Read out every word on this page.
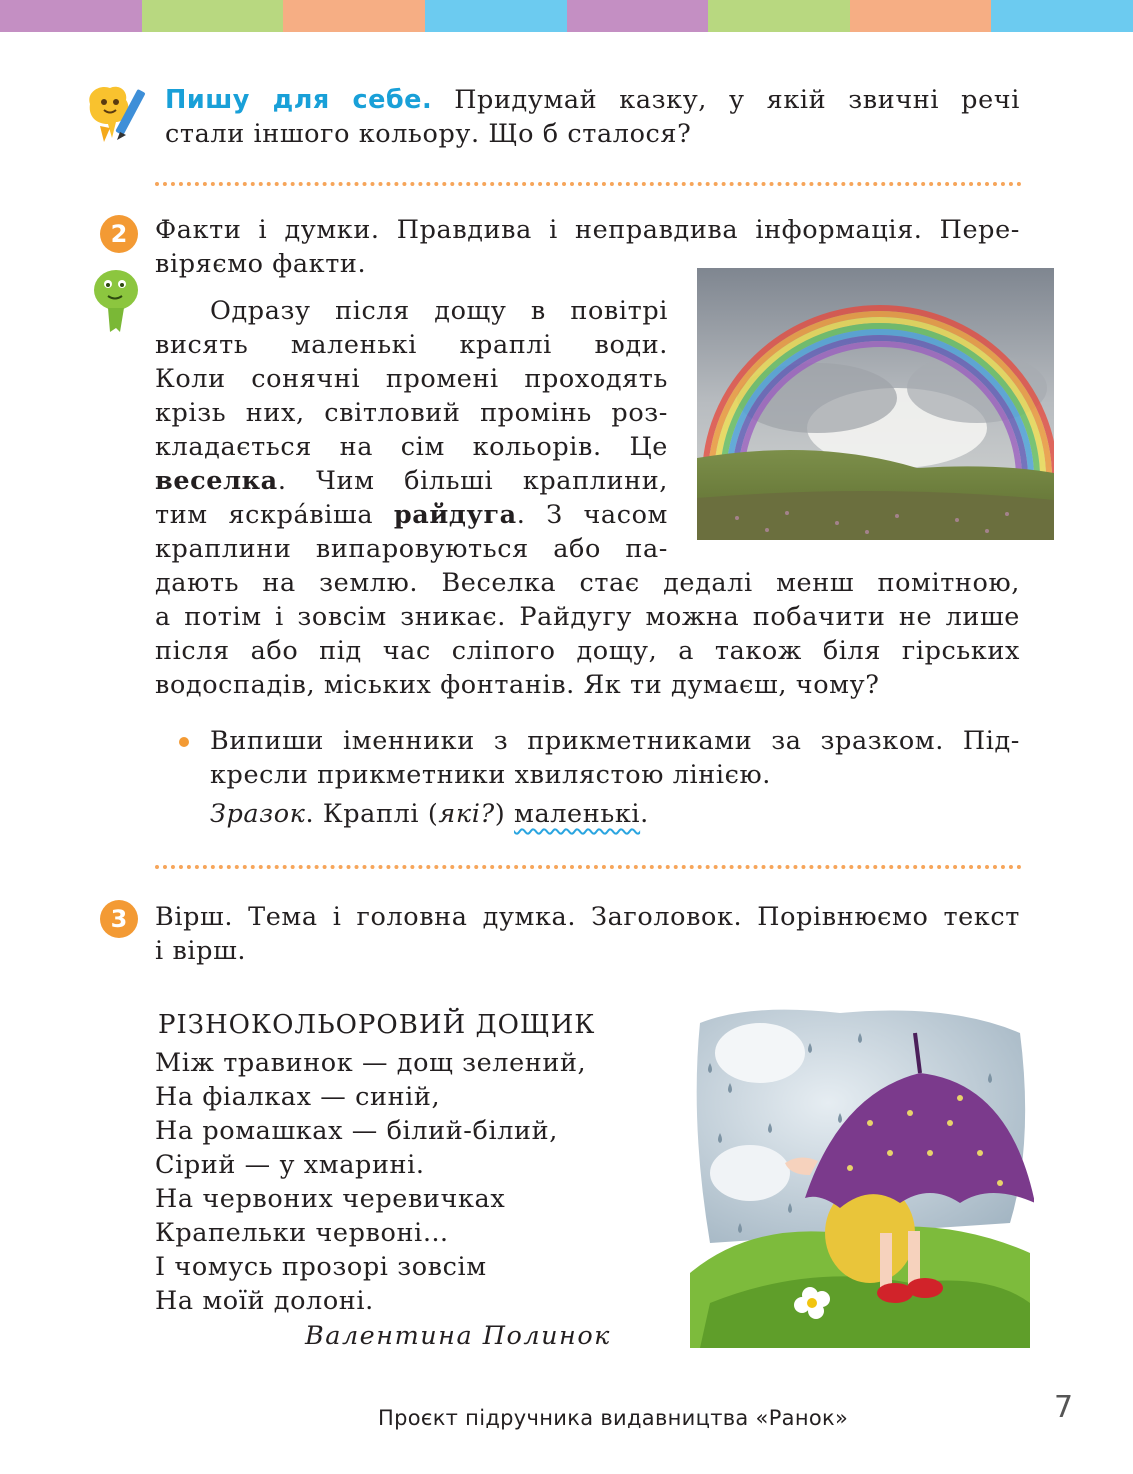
Пишу для себе. Придумай казку, у якій звичні речі
стали іншого кольору. Що б сталося?
2	Факти і думки. Правдива і неправдива інформація. Пере-
віряємо факти.
Одразу після дощу в повітрі
висять маленькі краплі води.
Коли сонячні промені проходять
крізь них, світловий промінь роз-
кладається на сім кольорів. Це
веселка. Чим більші краплини,
тим яскра́віша райдуга. З часом
краплини випаровуються або па-
дають на землю. Веселка стає дедалі менш помітною,
а потім і зовсім зникає. Райдугу можна побачити не лише
після або під час сліпого дощу, а також біля гірських
водоспадів, міських фонтанів. Як ти думаєш, чому?
Випиши іменники з прикметниками за зразком. Під-
кресли прикметники хвилястою лінією.
Зразок. Краплі (які?) маленькі.
3	Вірш. Тема і головна думка. Заголовок. Порівнюємо текст
і вірш.
РІЗНОКОЛЬОРОВИЙ ДОЩИК
Між травинок — дощ зелений,
На фіалках — синій,
На ромашках — білий-білий,
Сірий — у хмарині.
На червоних черевичках
Крапельки червоні…
І чомусь прозорі зовсім
На моїй долоні.
Валентина Полинок
Проєкт підручника видавництва «Ранок»	7
